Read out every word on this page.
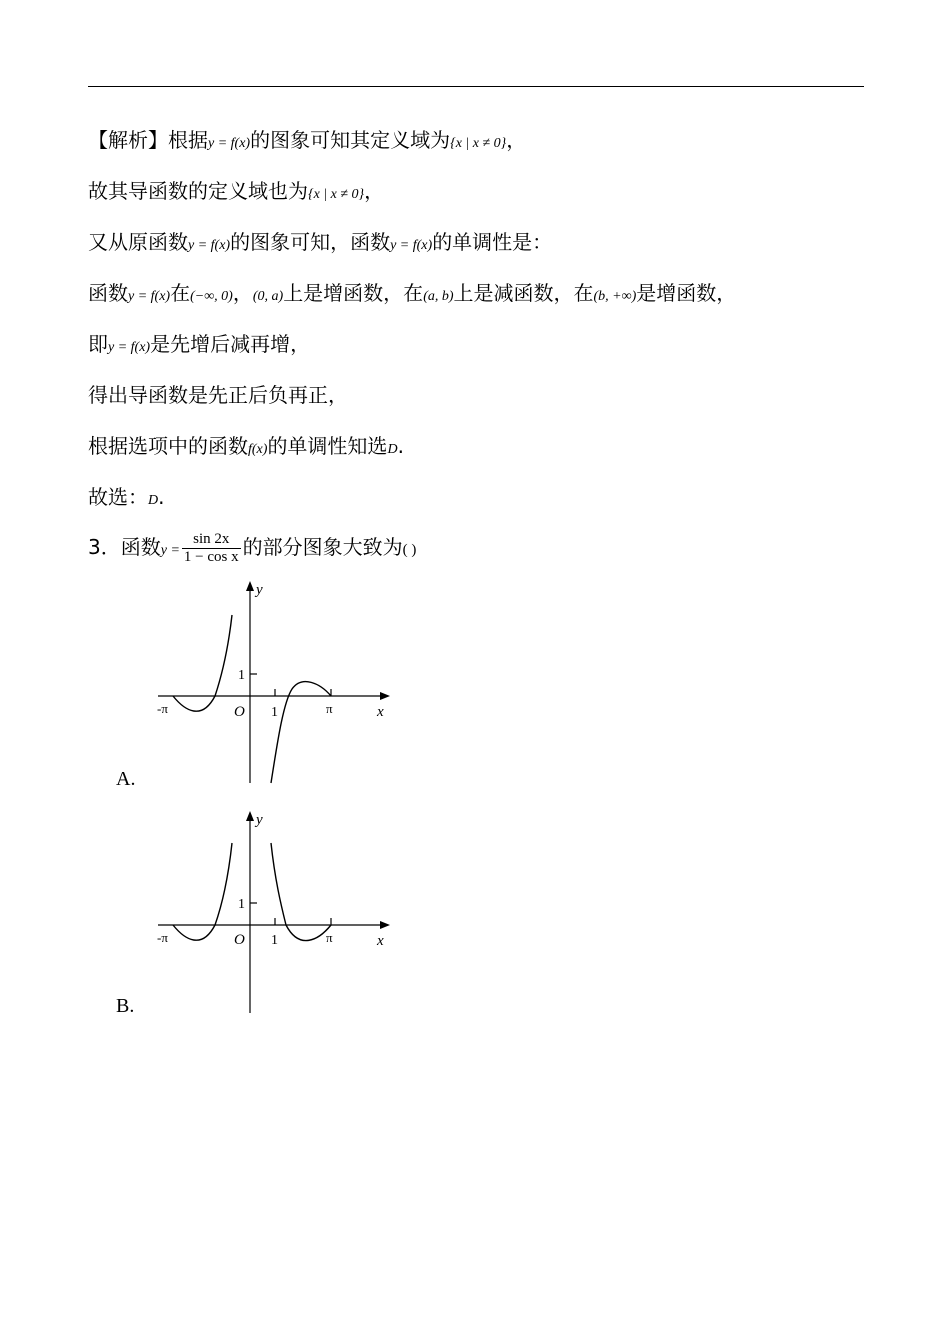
【解析】根据y = f(x)的图象可知其定义域为{x | x ≠ 0}，
故其导函数的定义域也为{x | x ≠ 0}，
又从原函数y = f(x)的图象可知，函数y = f(x)的单调性是：
函数y = f(x)在(−∞, 0)，(0, a)上是增函数，在(a, b)上是减函数，在(b, +∞)是增函数，
即y = f(x)是先增后减再增，
得出导函数是先正后负再正，
根据选项中的函数f(x)的单调性知选D.
故选：D.
3．函数$y = \frac{\sin 2x}{\text{1 − cos x}}$ 的部分图象大致为( )
y
x
O
-π	π
1
1
A.
y
x
O
-π	π
1
1
B.
